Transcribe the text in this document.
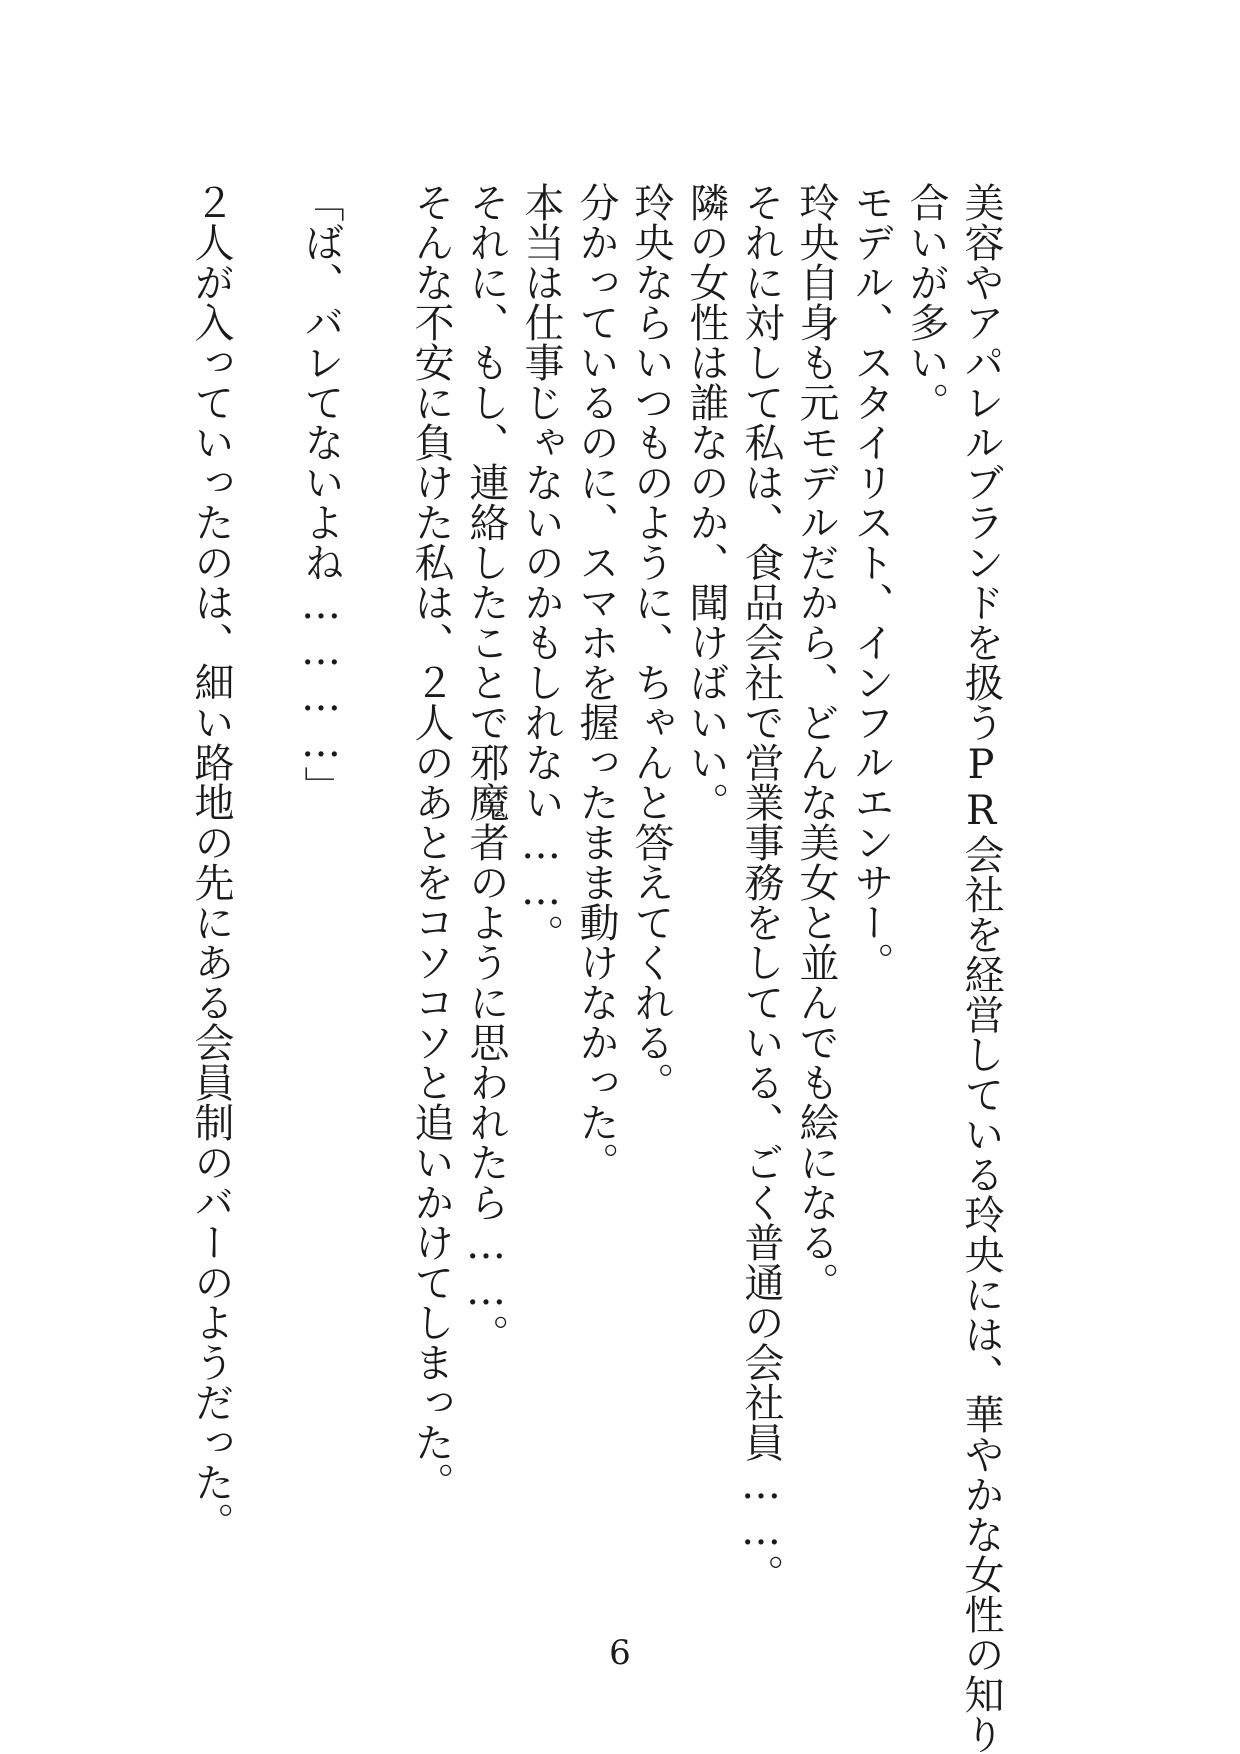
美容やアパレルブランドを扱うPR会社を経営している玲央には、華やかな女性の知り
合いが多い。
モデル、スタイリスト、インフルエンサー。
玲央自身も元モデルだから、どんな美女と並んでも絵になる。
それに対して私は、食品会社で営業事務をしている、ごく普通の会社員……。
隣の女性は誰なのか、聞けばいい。
玲央ならいつものように、ちゃんと答えてくれる。
分かっているのに、スマホを握ったまま動けなかった。
本当は仕事じゃないのかもしれない……。
それに、もし、連絡したことで邪魔者のように思われたら……。
そんな不安に負けた私は、２人のあとをコソコソと追いかけてしまった。
「ば、バレてないよね…………」
２人が入っていったのは、細い路地の先にある会員制のバーのようだった。
6
